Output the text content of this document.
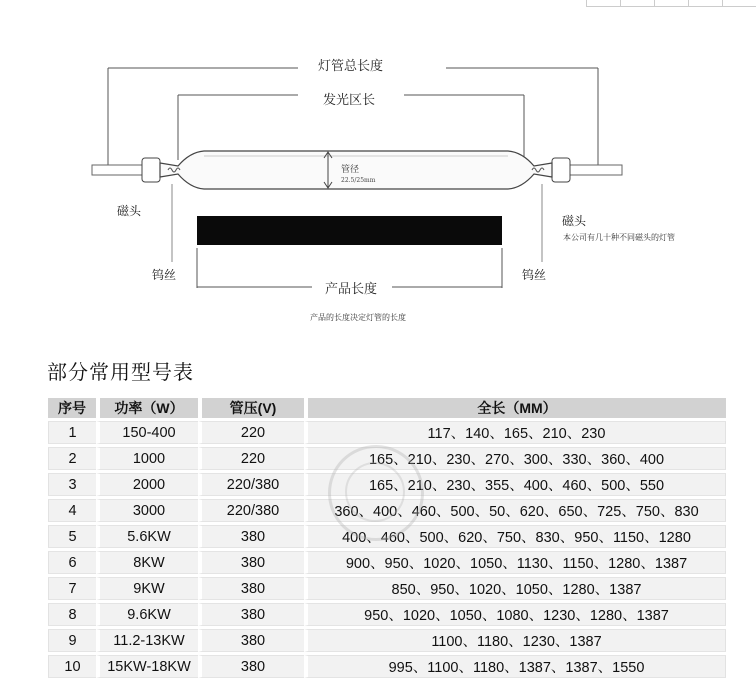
灯管总长度
发光区长
管径
22.5/25mm
磁头
磁头
本公司有几十种不同磁头的灯管
钨丝	钨丝
产品长度
产品的长度决定灯管的长度
部分常用型号表
序号	功率（W）	管压(V)	全长（MM）
1	150-400	220	117、140、165、210、230
2	1000	220	165、210、230、270、300、330、360、400
3	2000	220/380	165、210、230、355、400、460、500、550
4	3000	220/380	360、400、460、500、50、620、650、725、750、830
5	5.6KW	380	400、460、500、620、750、830、950、1150、1280
6	8KW	380	900、950、1020、1050、1130、1150、1280、1387
7	9KW	380	850、950、1020、1050、1280、1387
8	9.6KW	380	950、1020、1050、1080、1230、1280、1387
9	11.2-13KW	380	1100、1180、1230、1387
10	15KW-18KW	380	995、1100、1180、1387、1387、1550
